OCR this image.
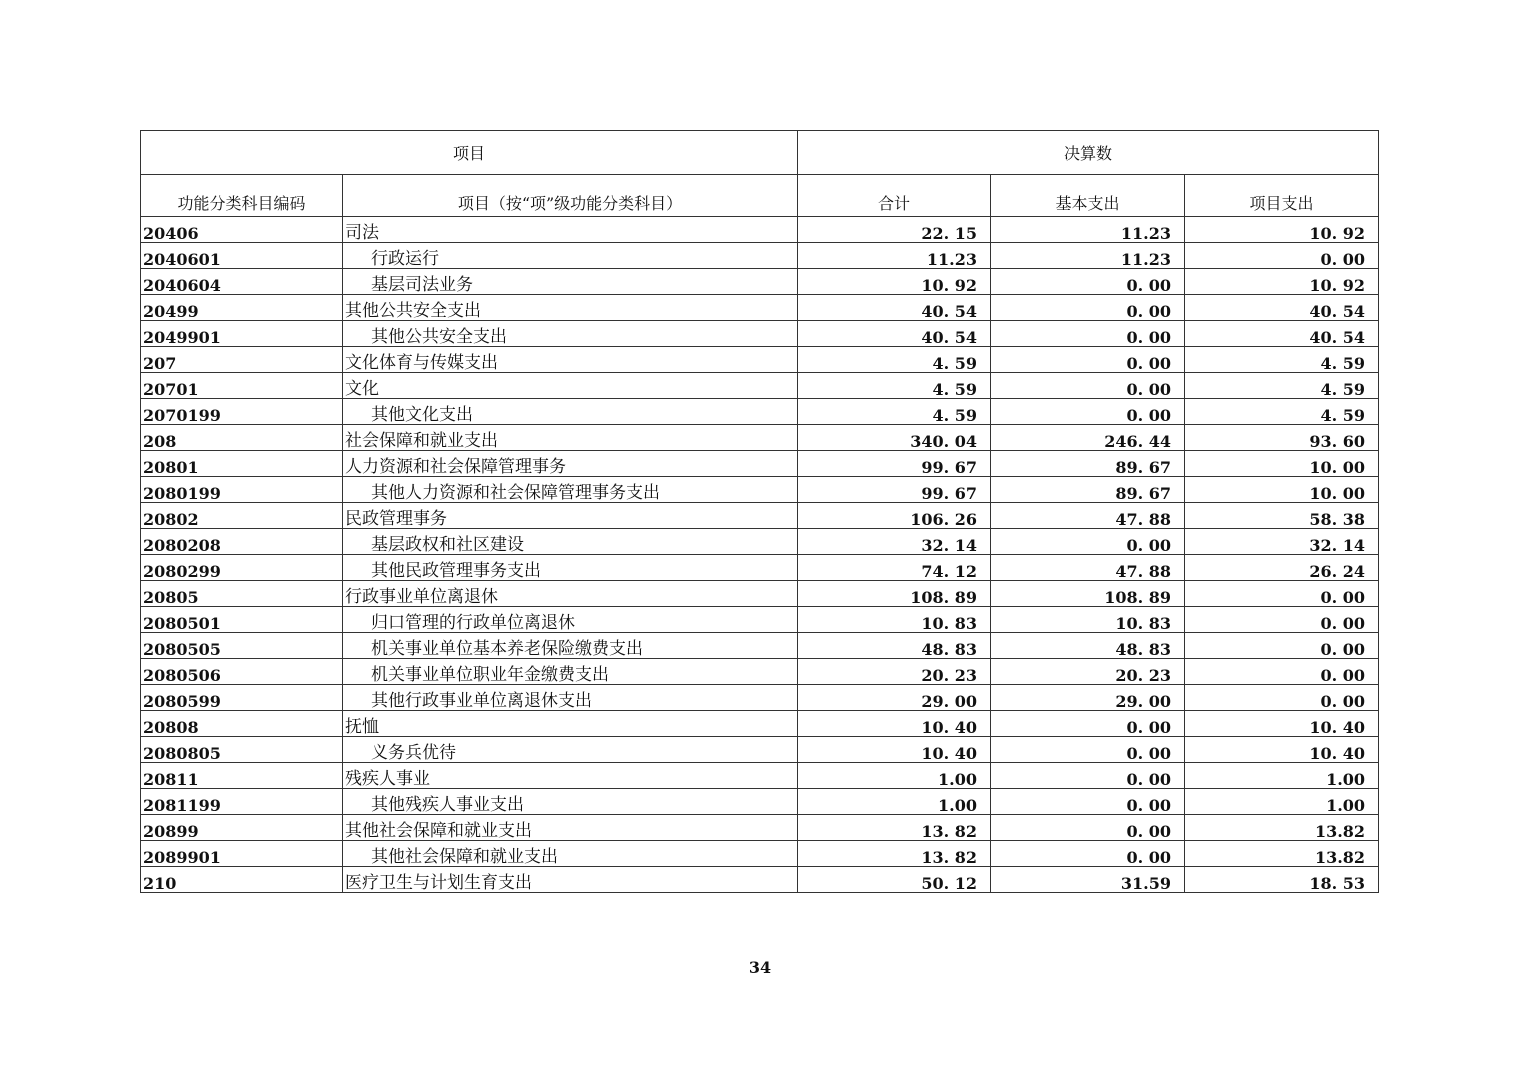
项目		决算数		
功能分类科目编码	项目（按“项”级功能分类科目）	合计	基本支出	项目支出
20406	司法	22. 15	11.23	10. 92
2040601	行政运行	11.23	11.23	0. 00
2040604	基层司法业务	10. 92	0. 00	10. 92
20499	其他公共安全支出	40. 54	0. 00	40. 54
2049901	其他公共安全支出	40. 54	0. 00	40. 54
207	文化体育与传媒支出	4. 59	0. 00	4. 59
20701	文化	4. 59	0. 00	4. 59
2070199	其他文化支出	4. 59	0. 00	4. 59
208	社会保障和就业支出	340. 04	246. 44	93. 60
20801	人力资源和社会保障管理事务	99. 67	89. 67	10. 00
2080199	其他人力资源和社会保障管理事务支出	99. 67	89. 67	10. 00
20802	民政管理事务	106. 26	47. 88	58. 38
2080208	基层政权和社区建设	32. 14	0. 00	32. 14
2080299	其他民政管理事务支出	74. 12	47. 88	26. 24
20805	行政事业单位离退休	108. 89	108. 89	0. 00
2080501	归口管理的行政单位离退休	10. 83	10. 83	0. 00
2080505	机关事业单位基本养老保险缴费支出	48. 83	48. 83	0. 00
2080506	机关事业单位职业年金缴费支出	20. 23	20. 23	0. 00
2080599	其他行政事业单位离退休支出	29. 00	29. 00	0. 00
20808	抚恤	10. 40	0. 00	10. 40
2080805	义务兵优待	10. 40	0. 00	10. 40
20811	残疾人事业	1.00	0. 00	1.00
2081199	其他残疾人事业支出	1.00	0. 00	1.00
20899	其他社会保障和就业支出	13. 82	0. 00	13.82
2089901	其他社会保障和就业支出	13. 82	0. 00	13.82
210	医疗卫生与计划生育支出	50. 12	31.59	18. 53
34
